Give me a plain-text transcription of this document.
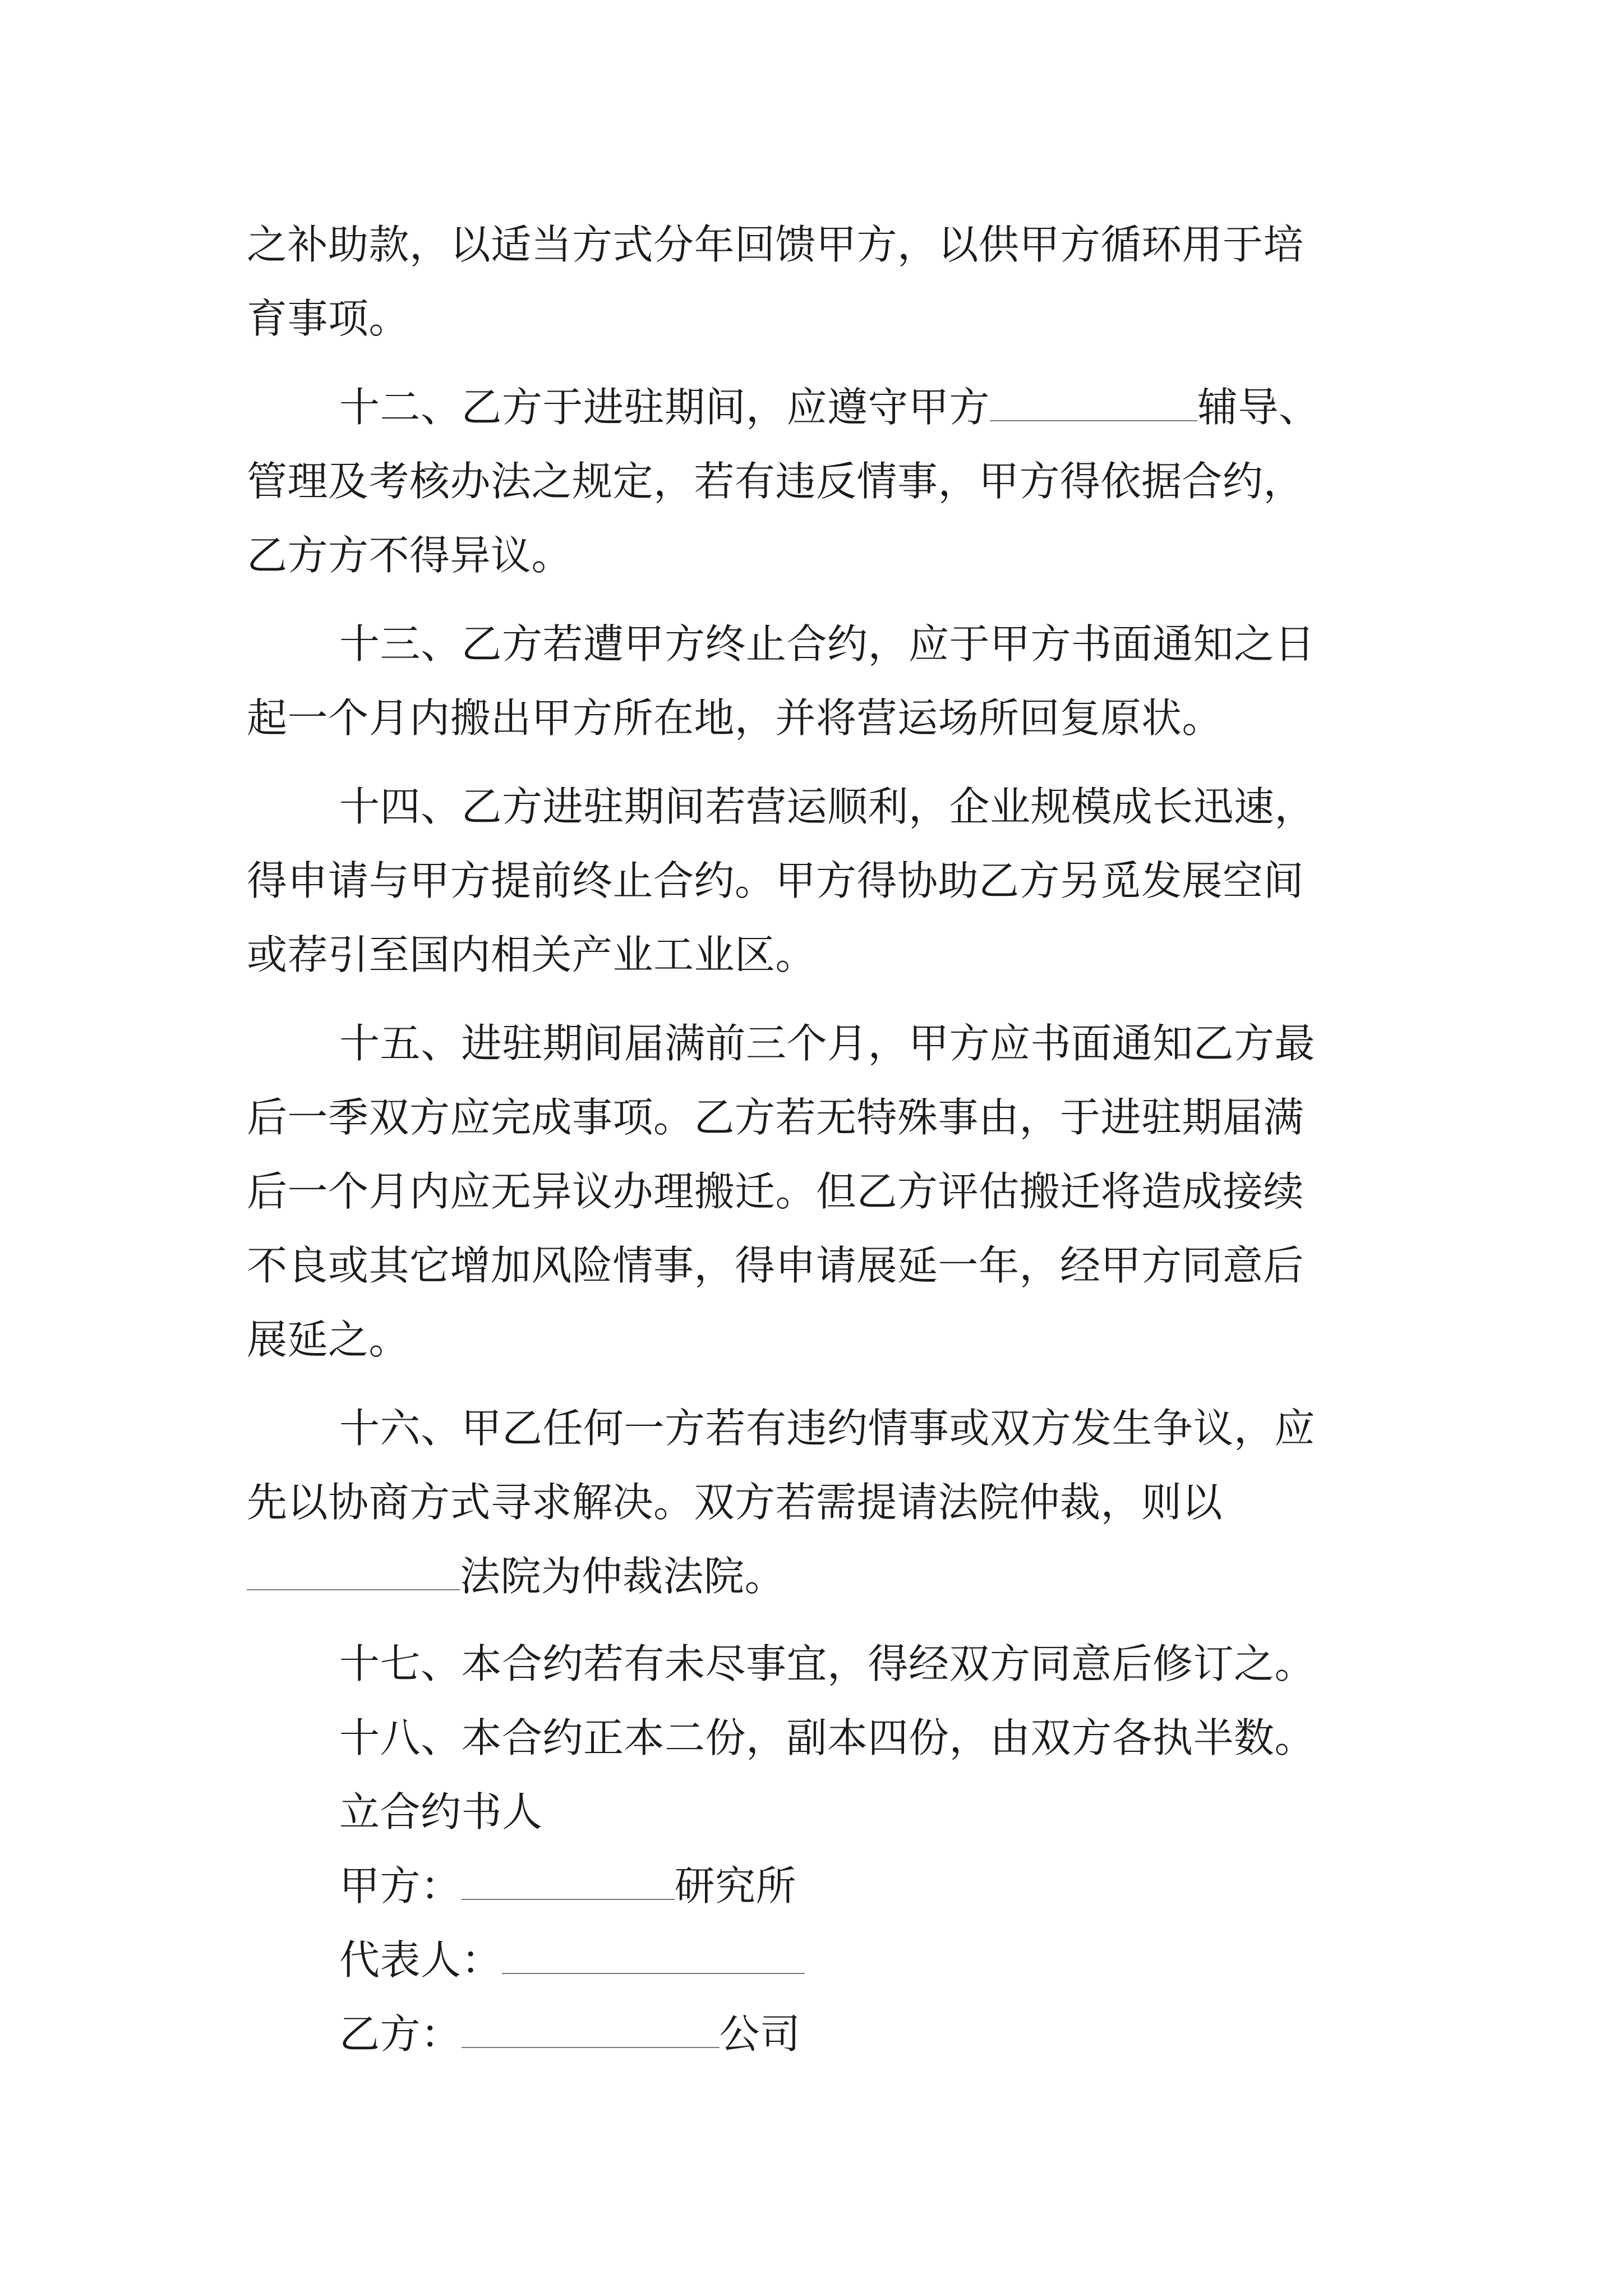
之补助款，以适当方式分年回馈甲方，以供甲方循环用于培
育事项。
十二、乙方于进驻期间，应遵守甲方	辅导、
管理及考核办法之规定，若有违反情事，甲方得依据合约，
乙方方不得异议。
十三、乙方若遭甲方终止合约，应于甲方书面通知之日
起一个月内搬出甲方所在地，并将营运场所回复原状。
十四、乙方进驻期间若营运顺利，企业规模成长迅速，
得申请与甲方提前终止合约。甲方得协助乙方另觅发展空间
或荐引至国内相关产业工业区。
十五、进驻期间届满前三个月，甲方应书面通知乙方最
后一季双方应完成事项。乙方若无特殊事由，于进驻期届满
后一个月内应无异议办理搬迁。但乙方评估搬迁将造成接续
不良或其它增加风险情事，得申请展延一年，经甲方同意后
展延之。
十六、甲乙任何一方若有违约情事或双方发生争议，应
先以协商方式寻求解决。双方若需提请法院仲裁，则以
法院为仲裁法院。
十七、本合约若有未尽事宜，得经双方同意后修订之。
十八、本合约正本二份，副本四份，由双方各执半数。
立合约书人
甲方：	研究所
代表人：
乙方：	公司
